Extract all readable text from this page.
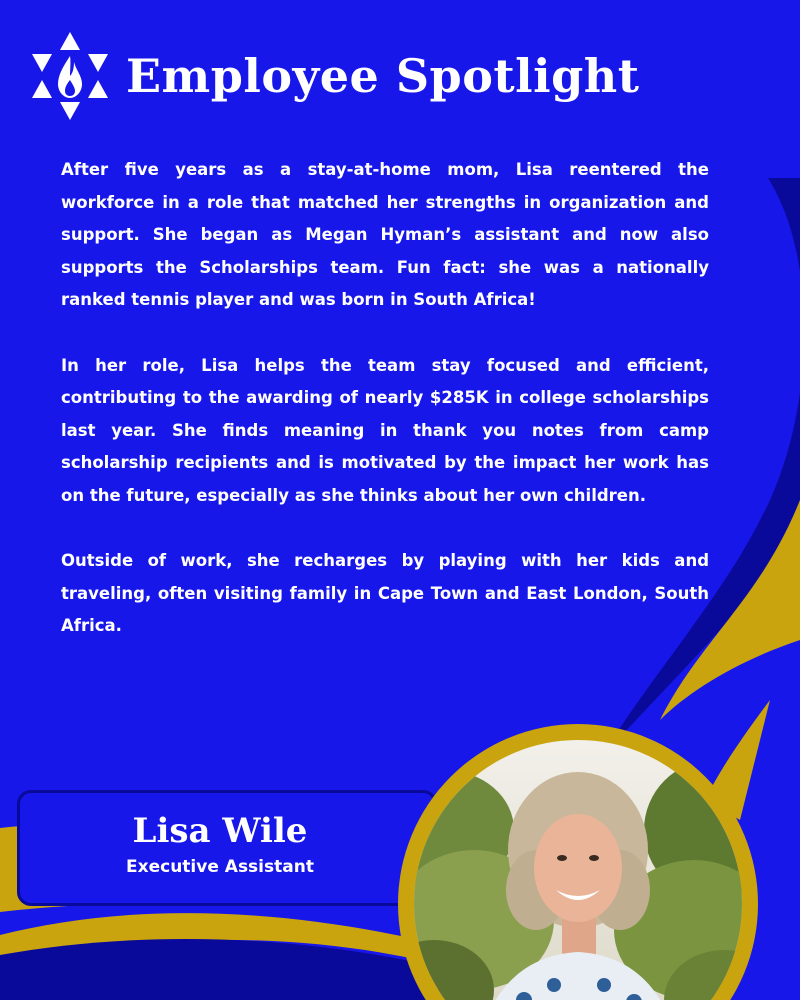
Employee Spotlight

After five years as a stay-at-home mom, Lisa reentered the workforce in a role that matched her strengths in organization and support. She began as Megan Hyman’s assistant and now also supports the Scholarships team. Fun fact: she was a nationally ranked tennis player and was born in South Africa!

In her role, Lisa helps the team stay focused and efficient, contributing to the awarding of nearly $285K in college scholarships last year. She finds meaning in thank you notes from camp scholarship recipients and is motivated by the impact her work has on the future, especially as she thinks about her own children.

Outside of work, she recharges by playing with her kids and traveling, often visiting family in Cape Town and East London, South Africa.

Lisa Wile
Executive Assistant
